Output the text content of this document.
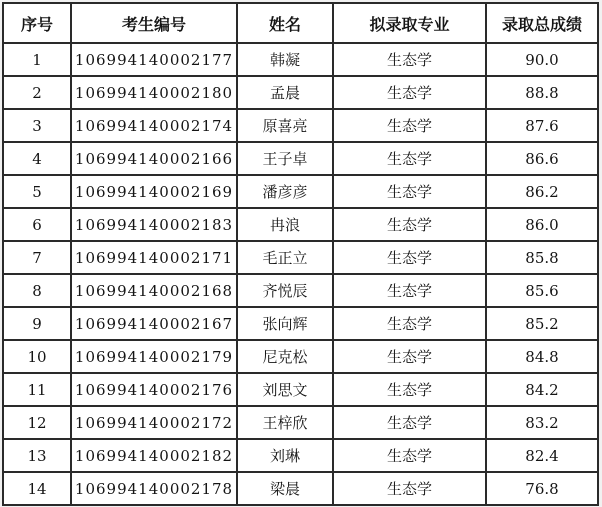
序号	考生编号	姓名	拟录取专业	录取总成绩
1	106994140002177	韩凝	生态学	90.0
2	106994140002180	孟晨	生态学	88.8
3	106994140002174	原喜亮	生态学	87.6
4	106994140002166	王子卓	生态学	86.6
5	106994140002169	潘彦彦	生态学	86.2
6	106994140002183	冉浪	生态学	86.0
7	106994140002171	毛正立	生态学	85.8
8	106994140002168	齐悦辰	生态学	85.6
9	106994140002167	张向辉	生态学	85.2
10	106994140002179	尼克松	生态学	84.8
11	106994140002176	刘思文	生态学	84.2
12	106994140002172	王梓欣	生态学	83.2
13	106994140002182	刘琳	生态学	82.4
14	106994140002178	梁晨	生态学	76.8
